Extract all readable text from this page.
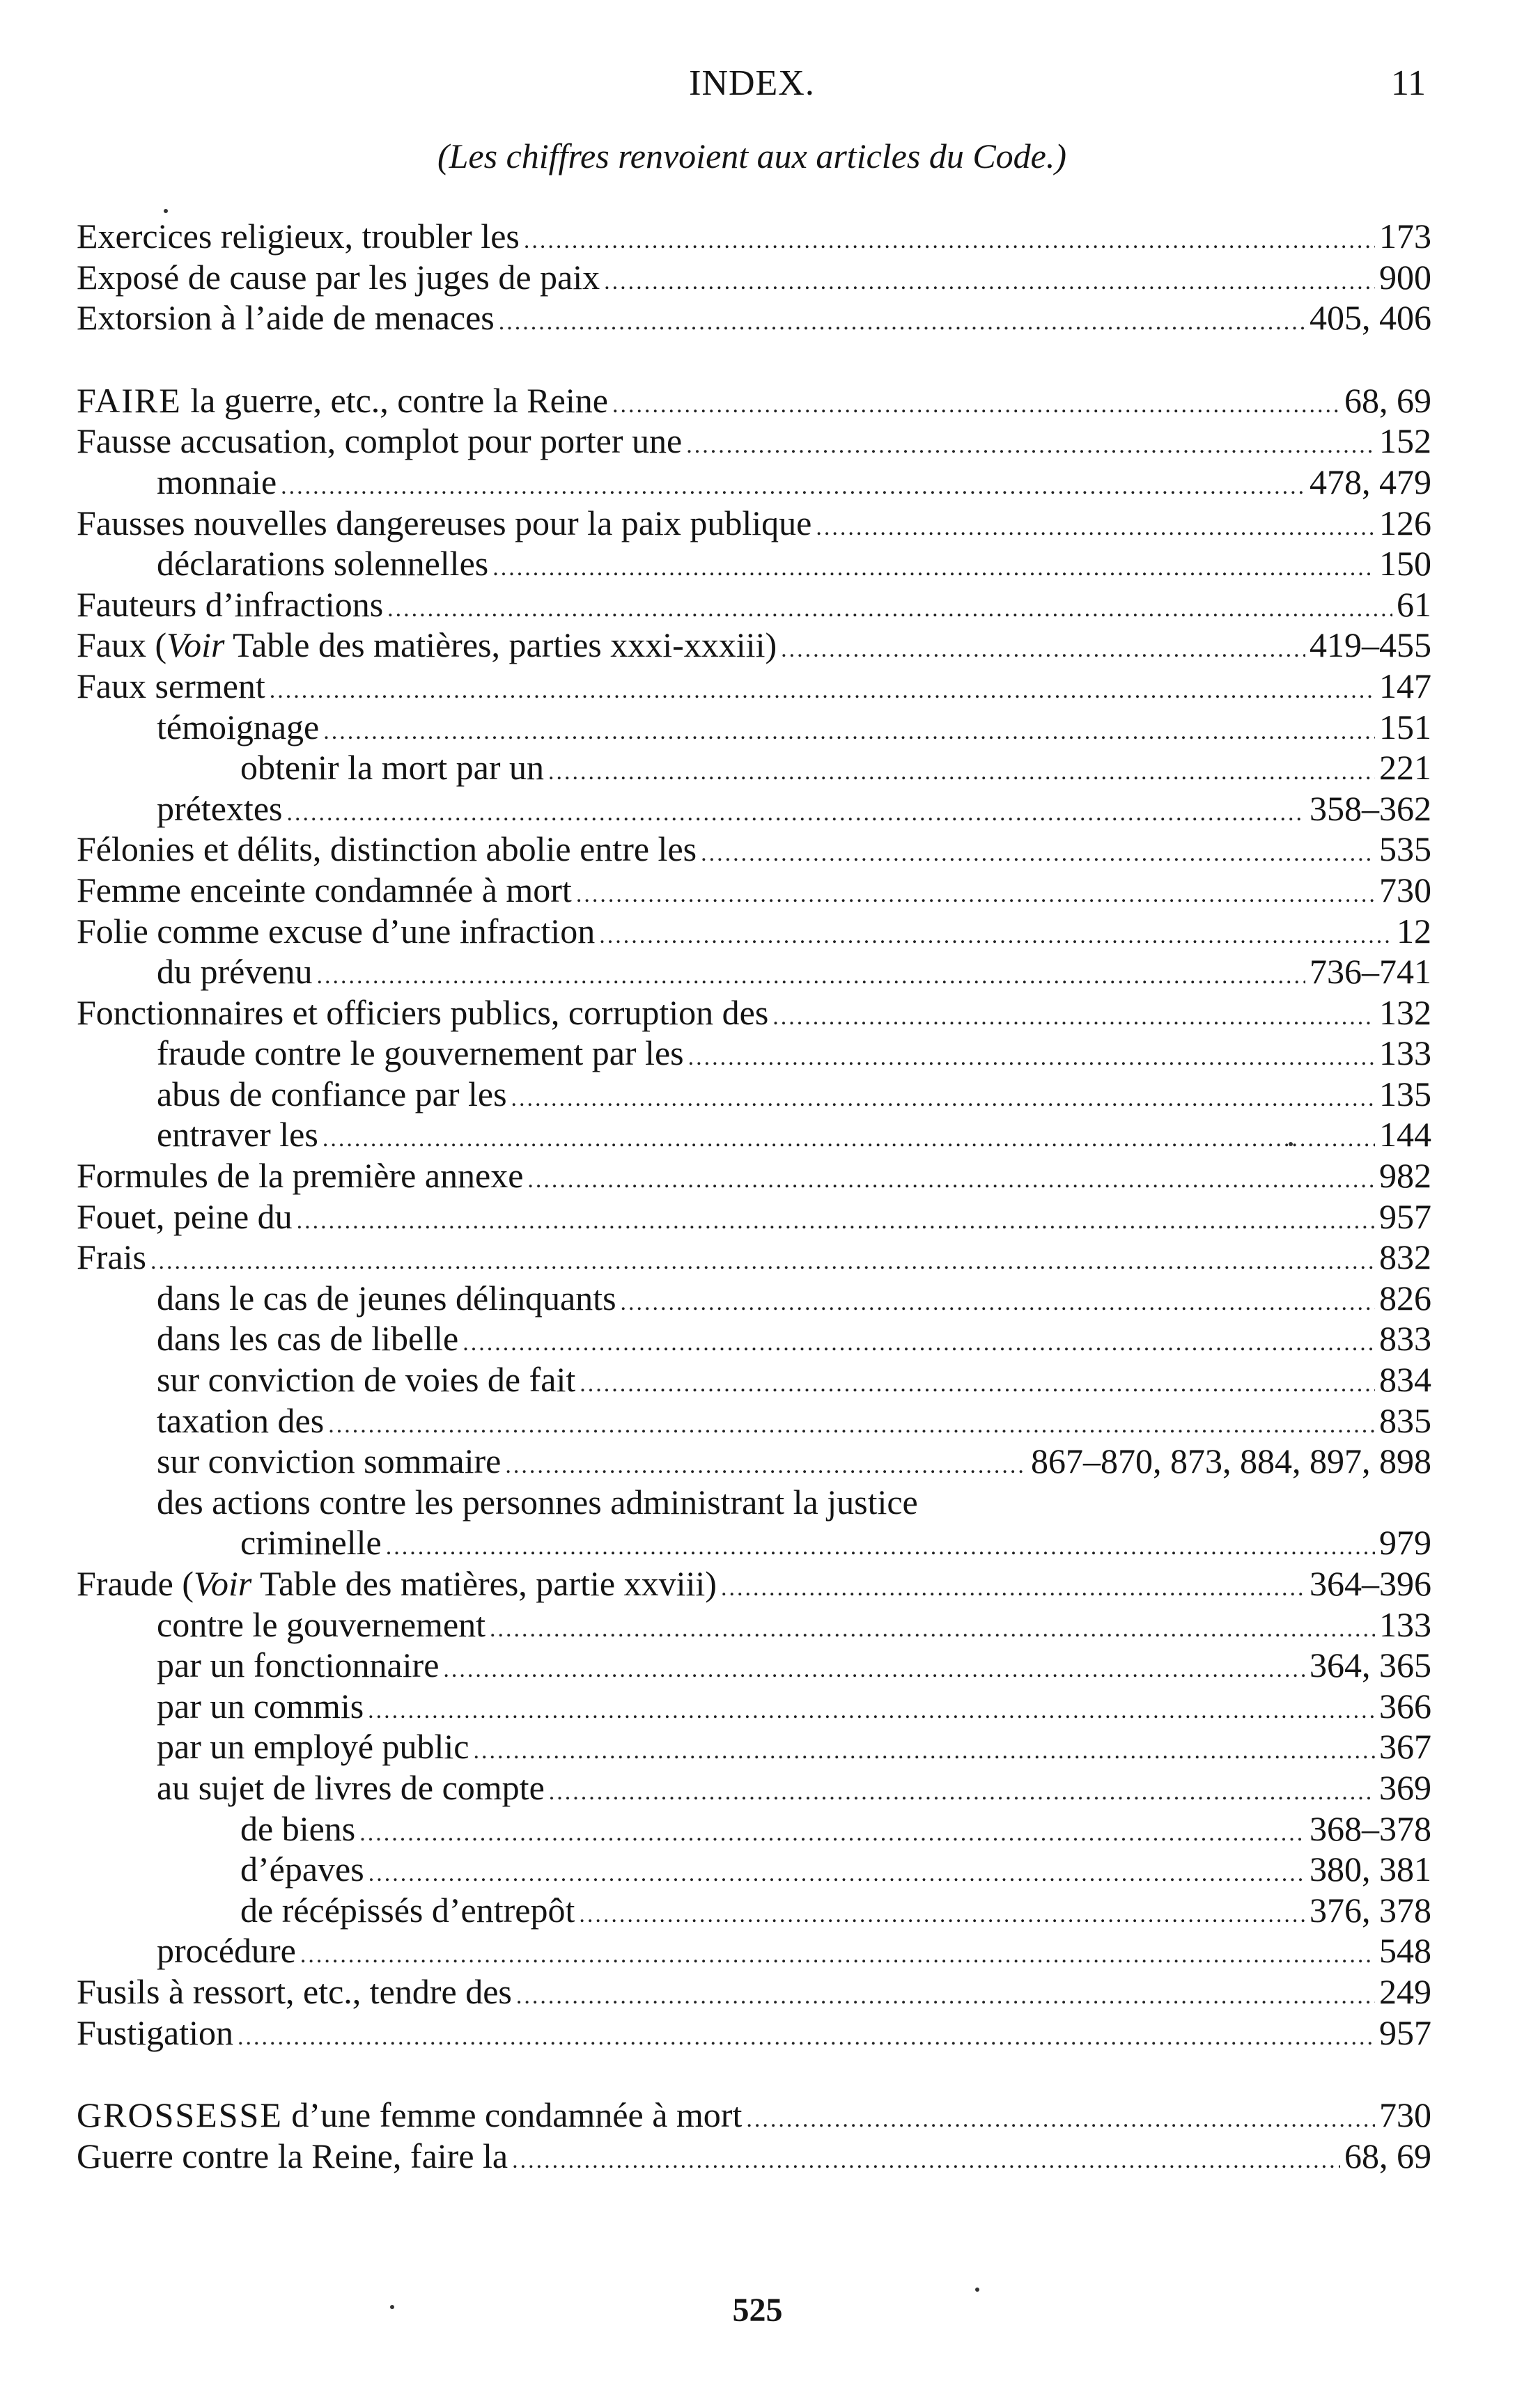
INDEX.	11
(Les chiffres renvoient aux articles du Code.)
Exercices religieux, troubler les .....	173
Exposé de cause par les juges de paix .....	900
Extorsion à l’aide de menaces .....	405, 406
FAIRE la guerre, etc., contre la Reine .....	68, 69
Fausse accusation, complot pour porter une .....	152
monnaie .....	478, 479
Fausses nouvelles dangereuses pour la paix publique .....	126
déclarations solennelles .....	150
Fauteurs d’infractions .....	61
Faux (Voir Table des matières, parties xxxi-xxxiii) .....	419–455
Faux serment .....	147
témoignage .....	151
obtenir la mort par un .....	221
prétextes .....	358–362
Félonies et délits, distinction abolie entre les .....	535
Femme enceinte condamnée à mort .....	730
Folie comme excuse d’une infraction .....	12
du prévenu .....	736–741
Fonctionnaires et officiers publics, corruption des .....	132
fraude contre le gouvernement par les .....	133
abus de confiance par les .....	135
entraver les .....	144
Formules de la première annexe .....	982
Fouet, peine du .....	957
Frais .....	832
dans le cas de jeunes délinquants .....	826
dans les cas de libelle .....	833
sur conviction de voies de fait .....	834
taxation des .....	835
sur conviction sommaire .....	867–870, 873, 884, 897, 898
des actions contre les personnes administrant la justice
criminelle .....	979
Fraude (Voir Table des matières, partie xxviii) .....	364–396
contre le gouvernement .....	133
par un fonctionnaire .....	364, 365
par un commis .....	366
par un employé public .....	367
au sujet de livres de compte .....	369
de biens .....	368–378
d’épaves .....	380, 381
de récépissés d’entrepôt .....	376, 378
procédure .....	548
Fusils à ressort, etc., tendre des .....	249
Fustigation .....	957
GROSSESSE d’une femme condamnée à mort .....	730
Guerre contre la Reine, faire la .....	68, 69
525
